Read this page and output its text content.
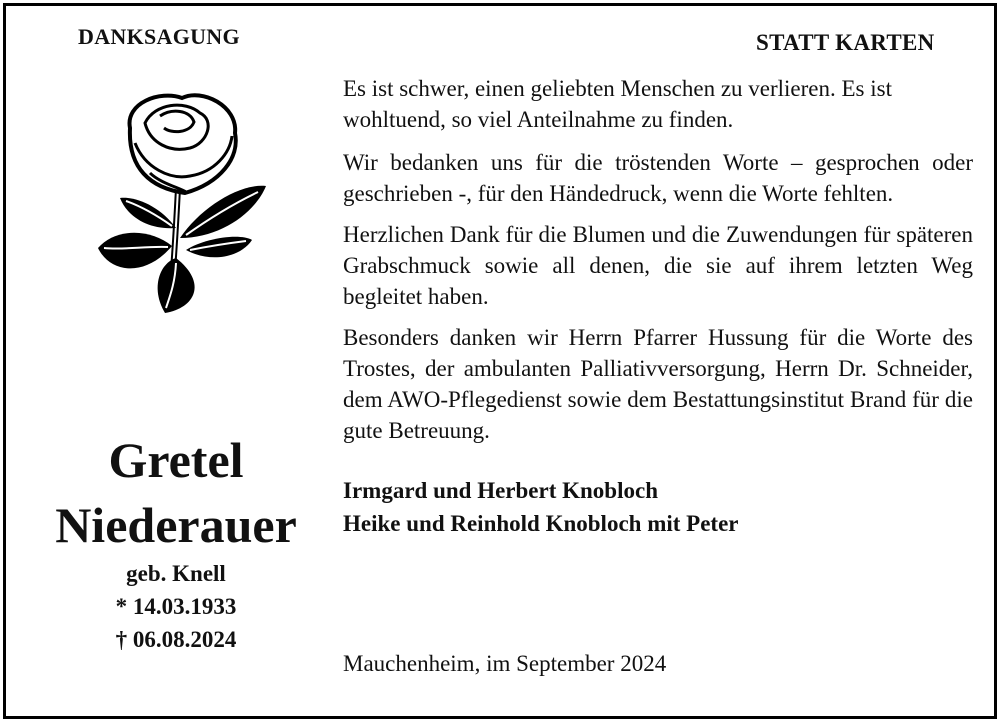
DANKSAGUNG
Gretel
Niederauer
geb. Knell
* 14.03.1933
† 06.08.2024
STATT KARTEN

Es ist schwer, einen geliebten Menschen zu verlieren. Es ist wohltuend, so viel Anteilnahme zu finden.

Wir bedanken uns für die tröstenden Worte – gesprochen oder geschrieben -, für den Händedruck, wenn die Worte fehlten.

Herzlichen Dank für die Blumen und die Zuwendungen für späteren Grabschmuck sowie all denen, die sie auf ihrem letzten Weg begleitet haben.

Besonders danken wir Herrn Pfarrer Hussung für die Worte des Trostes, der ambulanten Palliativversorgung, Herrn Dr. Schneider, dem AWO-Pflegedienst sowie dem Bestattungsinstitut Brand für die gute Betreuung.

Irmgard und Herbert Knobloch
Heike und Reinhold Knobloch mit Peter
Mauchenheim, im September 2024
